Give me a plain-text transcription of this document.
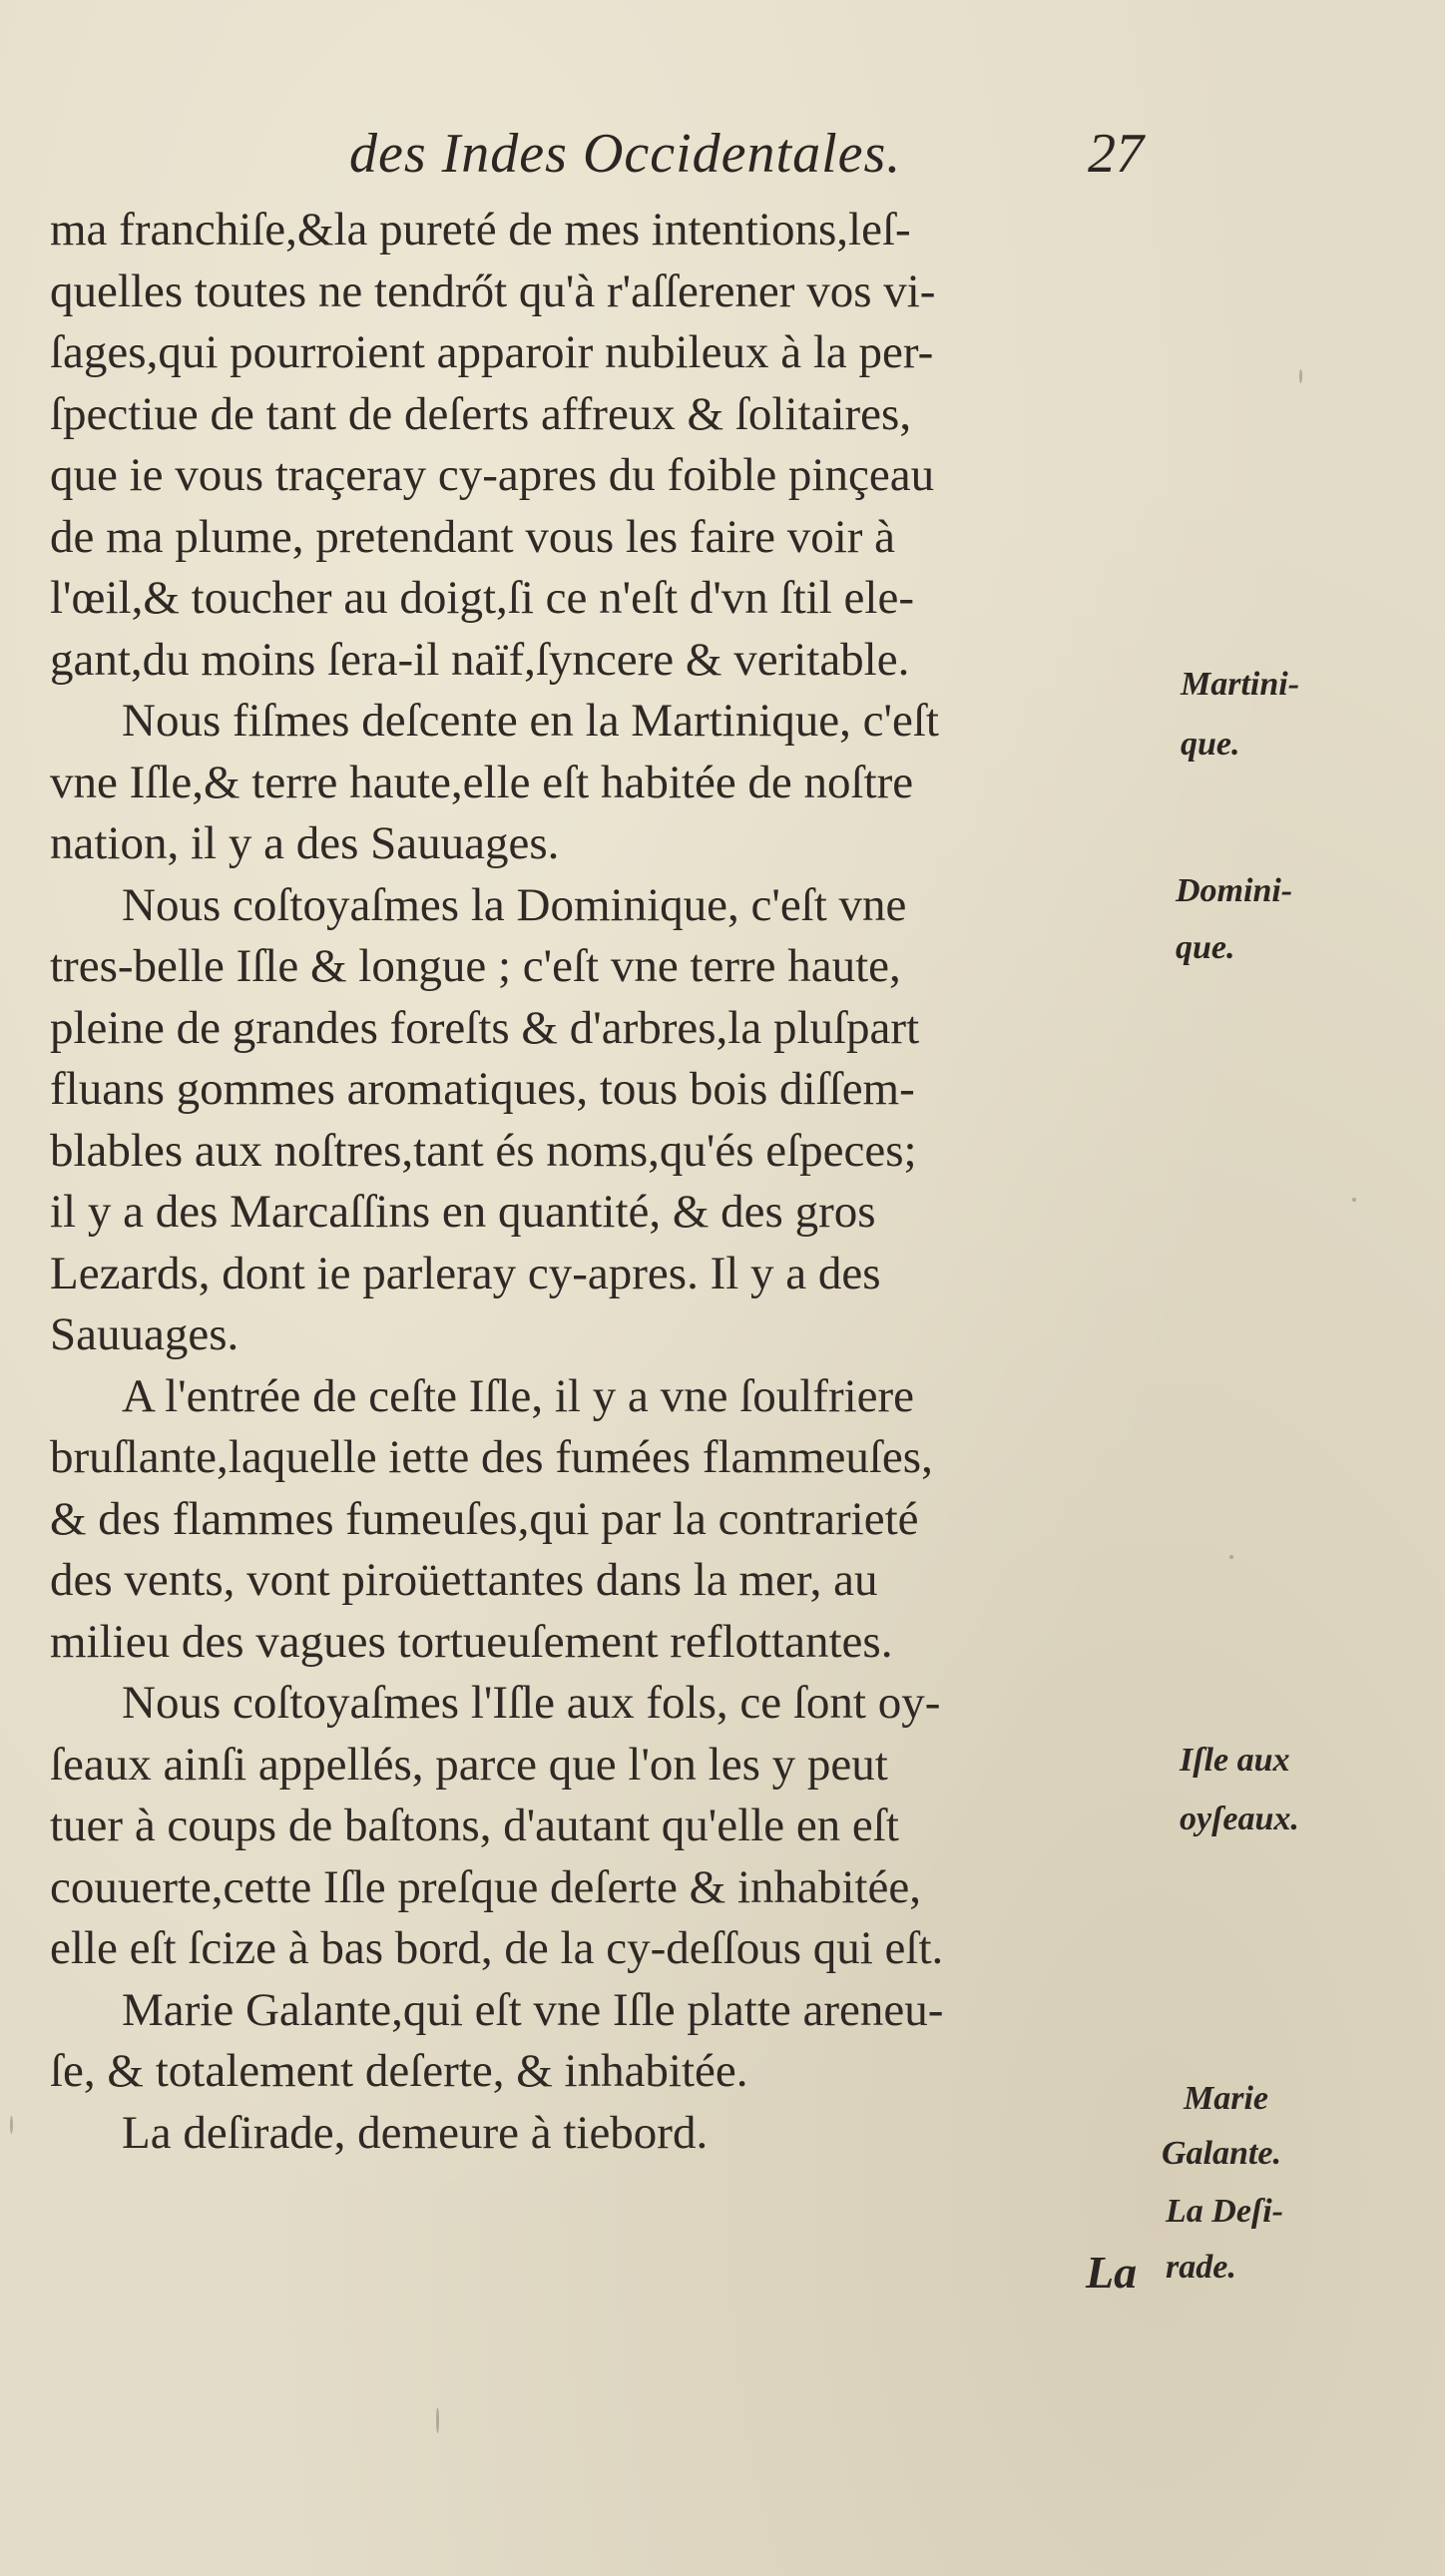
des Indes Occidentales.	27
ma franchiſe,&la pureté de mes intentions,leſ-
quelles toutes ne tendrőt qu'à r'aſſerener vos vi-
ſages,qui pourroient apparoir nubileux à la per-
ſpectiue de tant de deſerts affreux & ſolitaires,
que ie vous traçeray cy-apres du foible pinçeau
de ma plume, pretendant vous les faire voir à
l'œil,& toucher au doigt,ſi ce n'eſt d'vn ſtil ele-
gant,du moins ſera-il naïf,ſyncere & veritable.
Nous fiſmes deſcente en la Martinique, c'eſt
vne Iſle,& terre haute,elle eſt habitée de noſtre
nation, il y a des Sauuages.
Nous coſtoyaſmes la Dominique, c'eſt vne
tres-belle Iſle & longue ; c'eſt vne terre haute,
pleine de grandes foreſts & d'arbres,la pluſpart
fluans gommes aromatiques, tous bois diſſem-
blables aux noſtres,tant és noms,qu'és eſpeces;
il y a des Marcaſſins en quantité, & des gros
Lezards, dont ie parleray cy-apres. Il y a des
Sauuages.
A l'entrée de ceſte Iſle, il y a vne ſoulfriere
bruſlante,laquelle iette des fumées flammeuſes,
& des flammes fumeuſes,qui par la contrarieté
des vents, vont piroüettantes dans la mer, au
milieu des vagues tortueuſement reflottantes.
Nous coſtoyaſmes l'Iſle aux fols, ce ſont oy-
ſeaux ainſi appellés, parce que l'on les y peut
tuer à coups de baſtons, d'autant qu'elle en eſt
couuerte,cette Iſle preſque deſerte & inhabitée,
elle eſt ſcize à bas bord, de la cy-deſſous qui eſt.
Marie Galante,qui eſt vne Iſle platte areneu-
ſe, & totalement deſerte, & inhabitée.
La deſirade, demeure à tiebord.
Martini-
que.
Domini-
que.
Iſle aux
oyſeaux.
Marie
Galante.
La Deſi-
rade.
La
